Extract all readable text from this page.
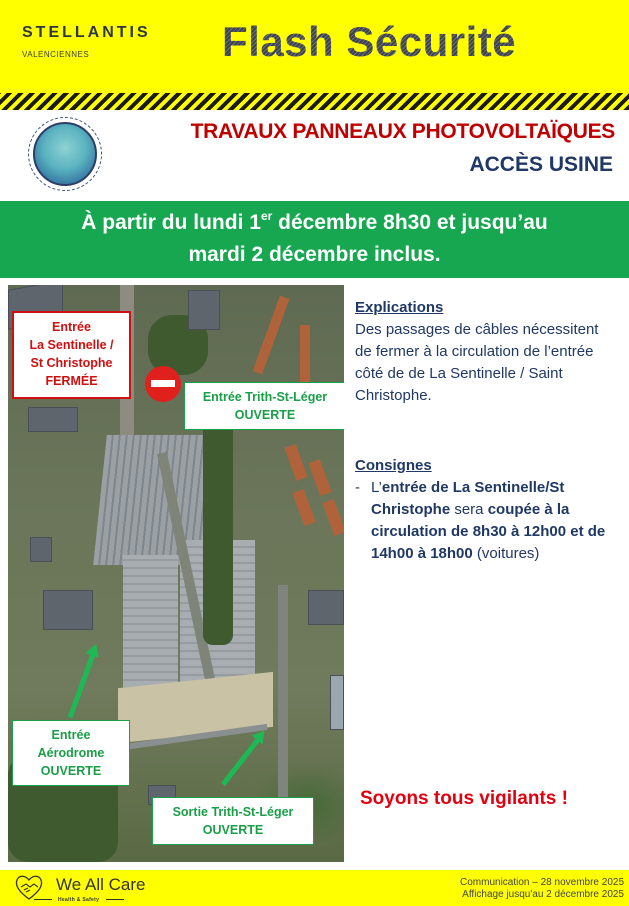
STELLANTIS
VALENCIENNES	Flash Sécurité
TRAVAUX PANNEAUX PHOTOVOLTAÏQUES
ACCÈS USINE
À partir du lundi 1er décembre 8h30 et jusqu’au
mardi 2 décembre inclus.
Entrée
La Sentinelle /
St Christophe
FERMÉE
Entrée Trith-St-Léger
OUVERTE
Entrée
Aérodrome
OUVERTE
Sortie Trith-St-Léger
OUVERTE
Explications

Des passages de câbles nécessitent de fermer à la circulation de l’entrée côté de de La Sentinelle / Saint Christophe.

Consignes
- L’entrée de La Sentinelle/St Christophe sera coupée à la circulation de 8h30 à 12h00 et de 14h00 à 18h00 (voitures)
Soyons tous vigilants !
We All Care
Health & Safety
Communication – 28 novembre 2025
Affichage jusqu'au 2 décembre 2025
